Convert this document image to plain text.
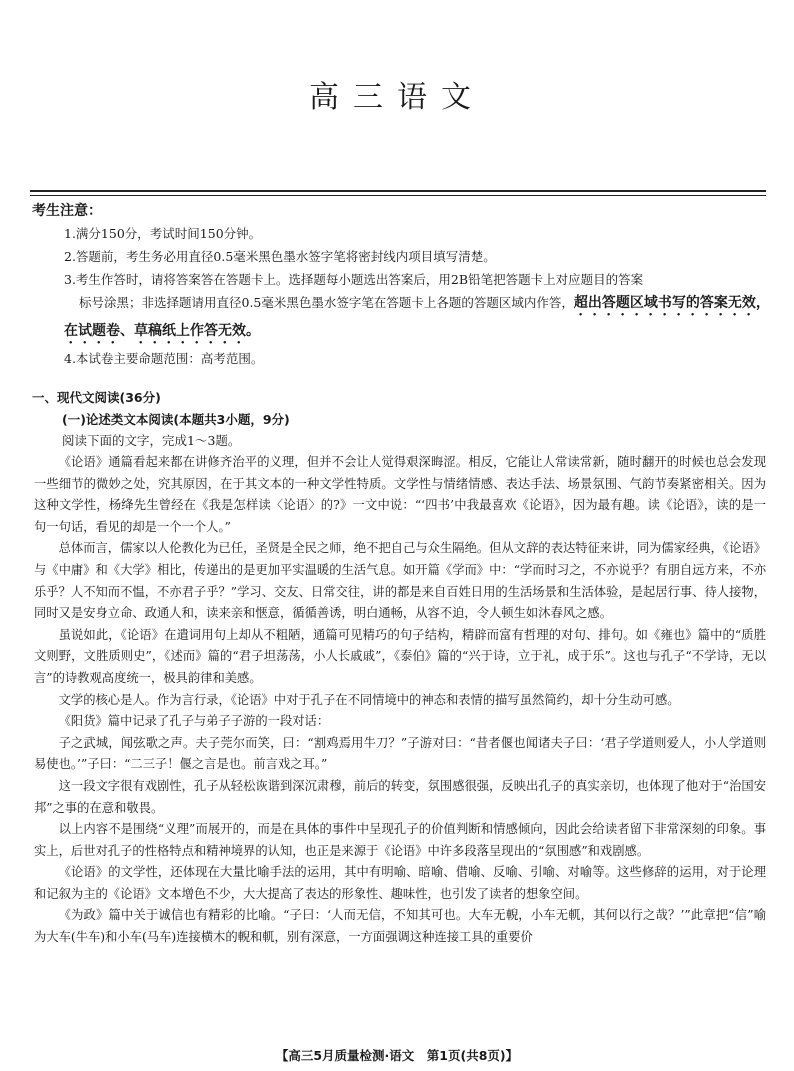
高三语文
考生注意：

1.满分150分，考试时间150分钟。

2.答题前，考生务必用直径0.5毫米黑色墨水签字笔将密封线内项目填写清楚。

3.考生作答时，请将答案答在答题卡上。选择题每小题选出答案后，用2B铅笔把答题卡上对应题目的答案
标号涂黑；非选择题请用直径0.5毫米黑色墨水签字笔在答题卡上各题的答题区域内作答，超出答题区域书写的答案无效，在试题卷、草稿纸上作答无效。

4.本试卷主要命题范围：高考范围。

一、现代文阅读(36分)
(一)论述类文本阅读(本题共3小题，9分)
阅读下面的文字，完成1～3题。

《论语》通篇看起来都在讲修齐治平的义理，但并不会让人觉得艰深晦涩。相反，它能让人常读常新，随时翻开的时候也总会发现一些细节的微妙之处，究其原因，在于其文本的一种文学性特质。文学性与情绪情感、表达手法、场景氛围、气韵节奏紧密相关。因为这种文学性，杨绛先生曾经在《我是怎样读〈论语〉的?》一文中说：“‘四书’中我最喜欢《论语》，因为最有趣。读《论语》，读的是一句一句话，看见的却是一个一个人。”

总体而言，儒家以人伦教化为已任，圣贤是全民之师，绝不把自己与众生隔绝。但从文辞的表达特征来讲，同为儒家经典，《论语》与《中庸》和《大学》相比，传递出的是更加平实温暖的生活气息。如开篇《学而》中：“学而时习之，不亦说乎？有朋自远方来，不亦乐乎？人不知而不愠，不亦君子乎？”学习、交友、日常交往，讲的都是来自百姓日用的生活场景和生活体验，是起居行事、待人接物，同时又是安身立命、政通人和，读来亲和惬意，循循善诱，明白通畅，从容不迫，令人顿生如沐春风之感。

虽说如此，《论语》在遣词用句上却从不粗陋，通篇可见精巧的句子结构，精辟而富有哲理的对句、排句。如《雍也》篇中的“质胜文则野，文胜质则史”，《述而》篇的“君子坦荡荡，小人长戚戚”，《泰伯》篇的“兴于诗，立于礼，成于乐”。这也与孔子“不学诗，无以言”的诗教观高度统一，极具韵律和美感。

文学的核心是人。作为言行录，《论语》中对于孔子在不同情境中的神态和表情的描写虽然简约，却十分生动可感。

《阳货》篇中记录了孔子与弟子子游的一段对话：

子之武城，闻弦歌之声。夫子莞尔而笑，曰：“割鸡焉用牛刀？”子游对曰：“昔者偃也闻诸夫子曰：‘君子学道则爱人，小人学道则易使也。’”子曰：“二三子！偃之言是也。前言戏之耳。”

这一段文字很有戏剧性，孔子从轻松诙谐到深沉肃穆，前后的转变，氛围感很强，反映出孔子的真实亲切，也体现了他对于“治国安邦”之事的在意和敬畏。

以上内容不是围绕“义理”而展开的，而是在具体的事件中呈现孔子的价值判断和情感倾向，因此会给读者留下非常深刻的印象。事实上，后世对孔子的性格特点和精神境界的认知，也正是来源于《论语》中许多段落呈现出的“氛围感”和戏剧感。

《论语》的文学性，还体现在大量比喻手法的运用，其中有明喻、暗喻、借喻、反喻、引喻、对喻等。这些修辞的运用，对于论理和记叙为主的《论语》文本增色不少，大大提高了表达的形象性、趣味性，也引发了读者的想象空间。

《为政》篇中关于诚信也有精彩的比喻。“子曰：‘人而无信，不知其可也。大车无輗，小车无軏，其何以行之哉？’”此章把“信”喻为大车(牛车)和小车(马车)连接横木的輗和軏，别有深意，一方面强调这种连接工具的重要价

【高三5月质量检测·语文　第1页(共8页)】
